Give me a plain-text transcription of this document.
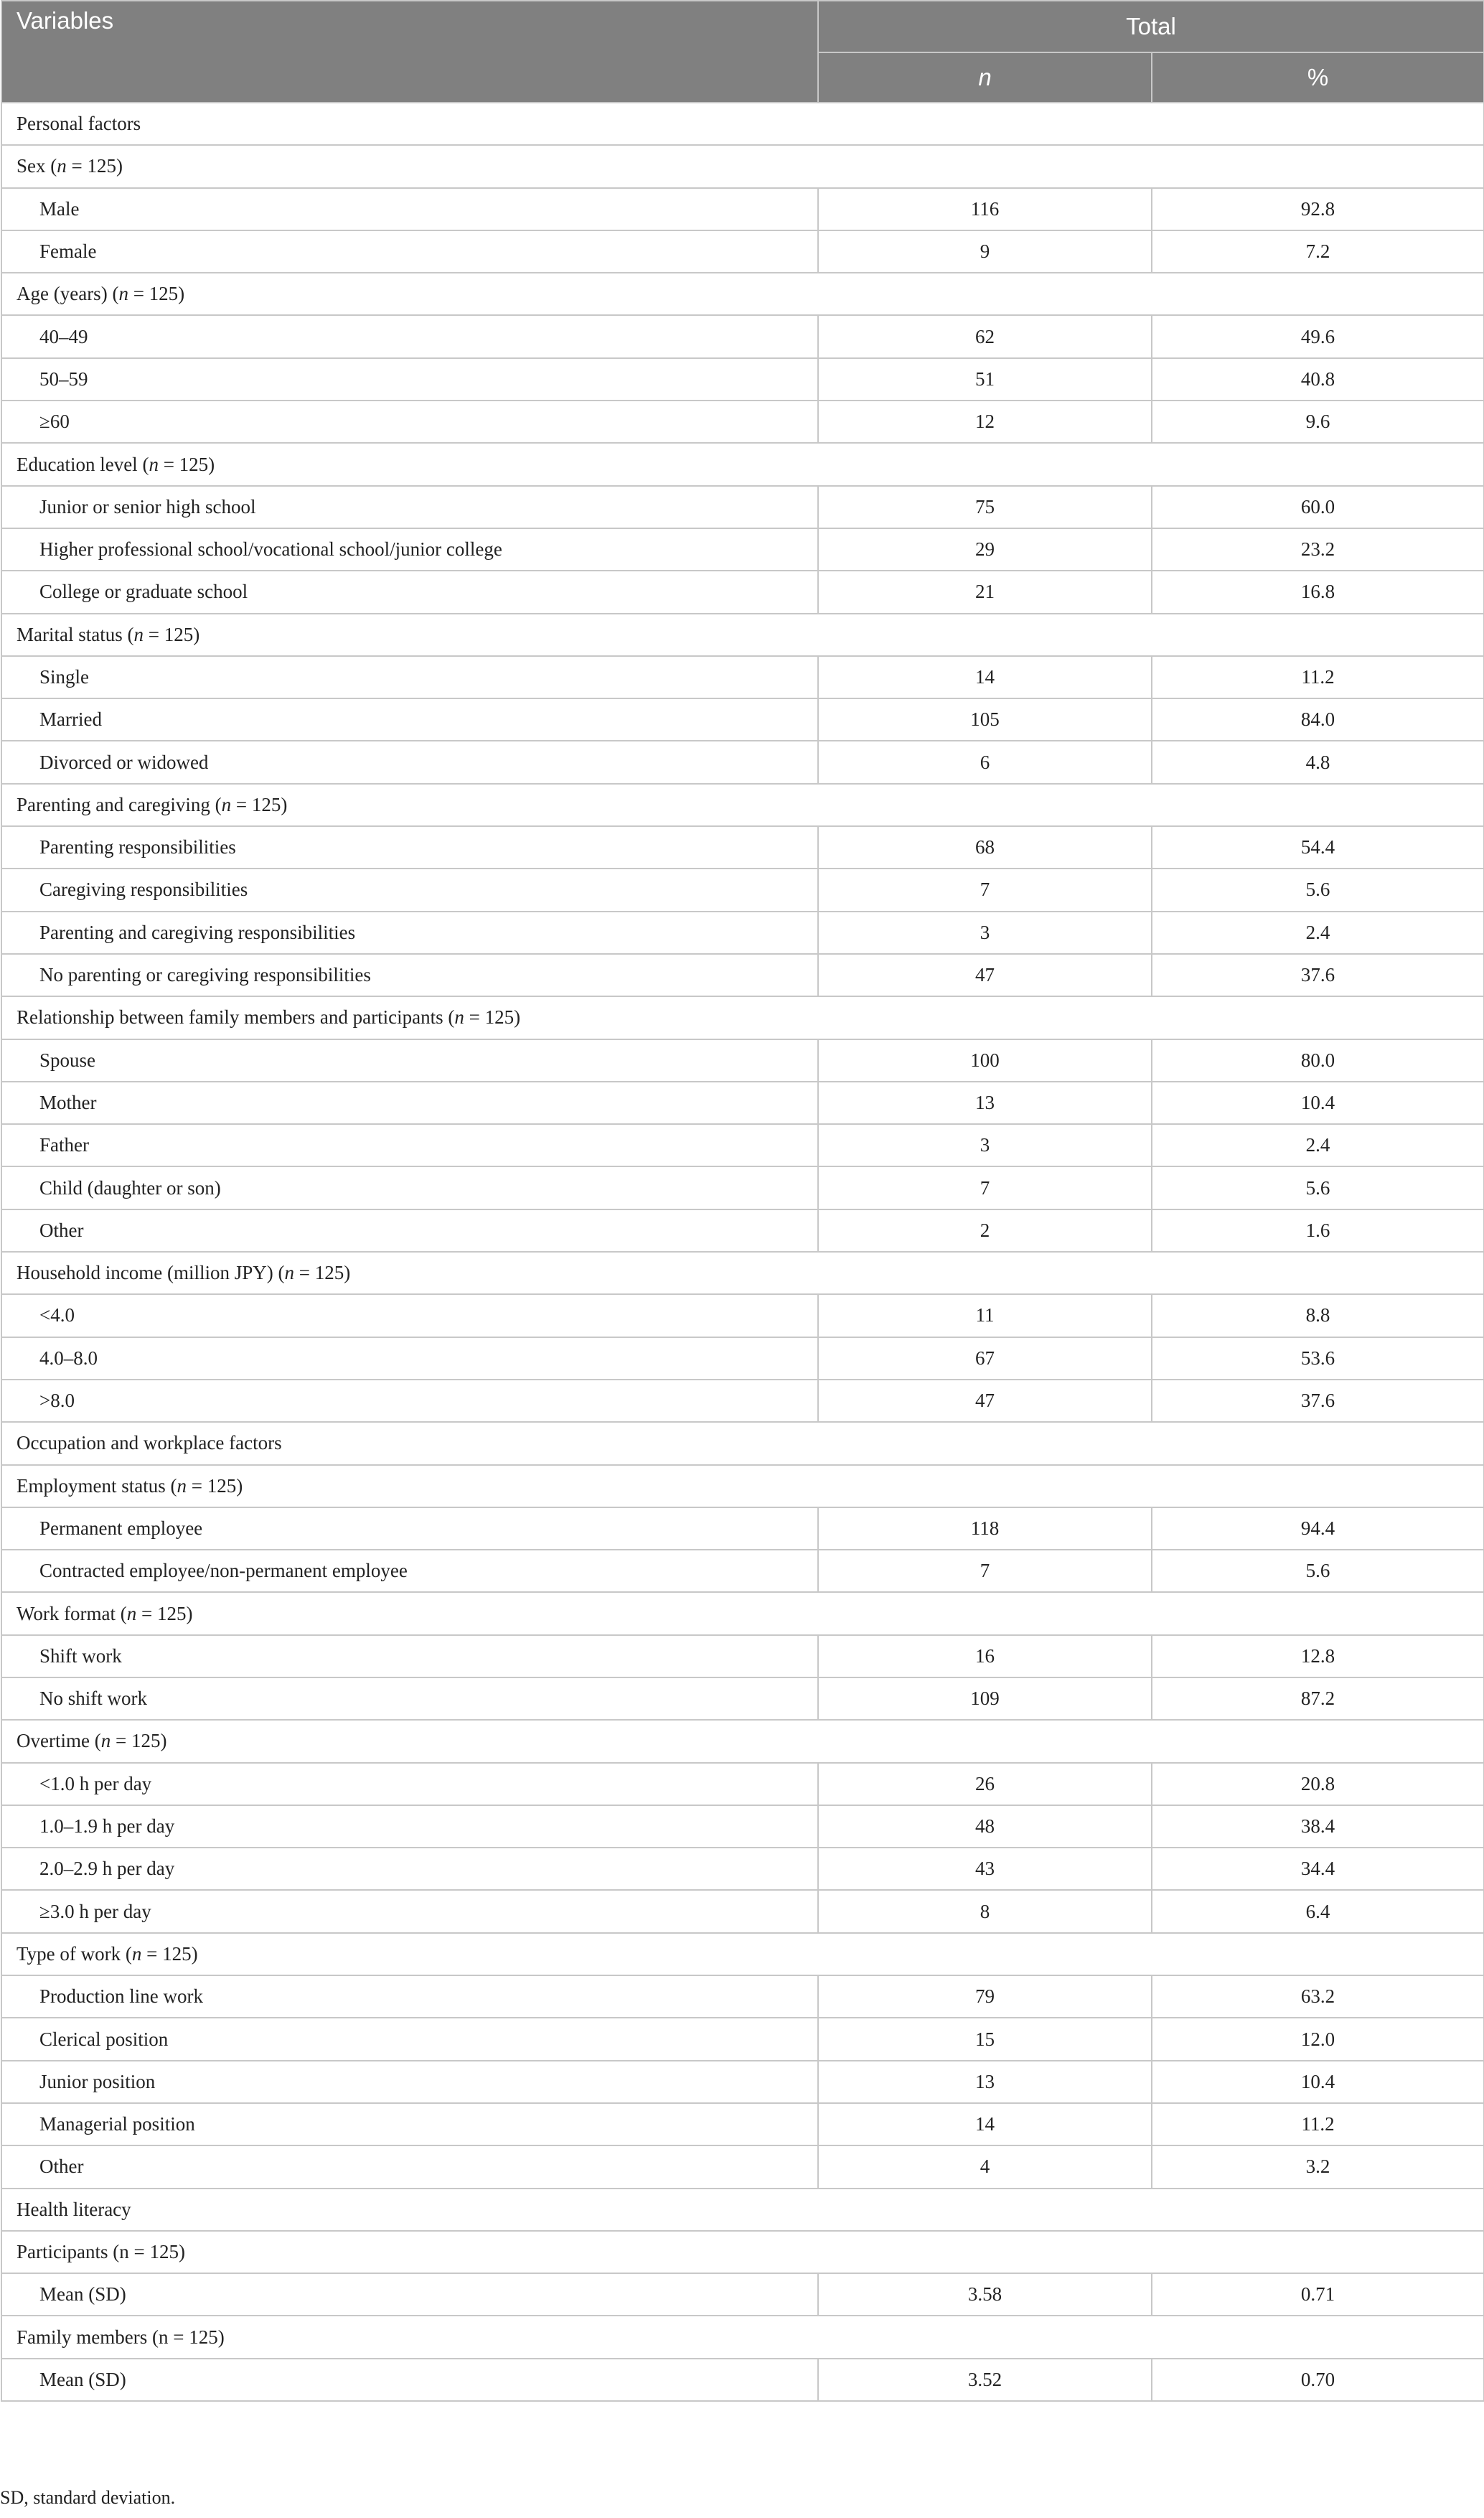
Variables	Total	
	n	%
Personal factors		
Sex (n = 125)		
Male	116	92.8
Female	9	7.2
Age (years) (n = 125)		
40–49	62	49.6
50–59	51	40.8
≥60	12	9.6
Education level (n = 125)		
Junior or senior high school	75	60.0
Higher professional school/vocational school/junior college	29	23.2
College or graduate school	21	16.8
Marital status (n = 125)		
Single	14	11.2
Married	105	84.0
Divorced or widowed	6	4.8
Parenting and caregiving (n = 125)		
Parenting responsibilities	68	54.4
Caregiving responsibilities	7	5.6
Parenting and caregiving responsibilities	3	2.4
No parenting or caregiving responsibilities	47	37.6
Relationship between family members and participants (n = 125)		
Spouse	100	80.0
Mother	13	10.4
Father	3	2.4
Child (daughter or son)	7	5.6
Other	2	1.6
Household income (million JPY) (n = 125)		
<4.0	11	8.8
4.0–8.0	67	53.6
>8.0	47	37.6
Occupation and workplace factors		
Employment status (n = 125)		
Permanent employee	118	94.4
Contracted employee/non-permanent employee	7	5.6
Work format (n = 125)		
Shift work	16	12.8
No shift work	109	87.2
Overtime (n = 125)		
<1.0 h per day	26	20.8
1.0–1.9 h per day	48	38.4
2.0–2.9 h per day	43	34.4
≥3.0 h per day	8	6.4
Type of work (n = 125)		
Production line work	79	63.2
Clerical position	15	12.0
Junior position	13	10.4
Managerial position	14	11.2
Other	4	3.2
Health literacy		
Participants (n = 125)		
Mean (SD)	3.58	0.71
Family members (n = 125)		
Mean (SD)	3.52	0.70

SD, standard deviation.
